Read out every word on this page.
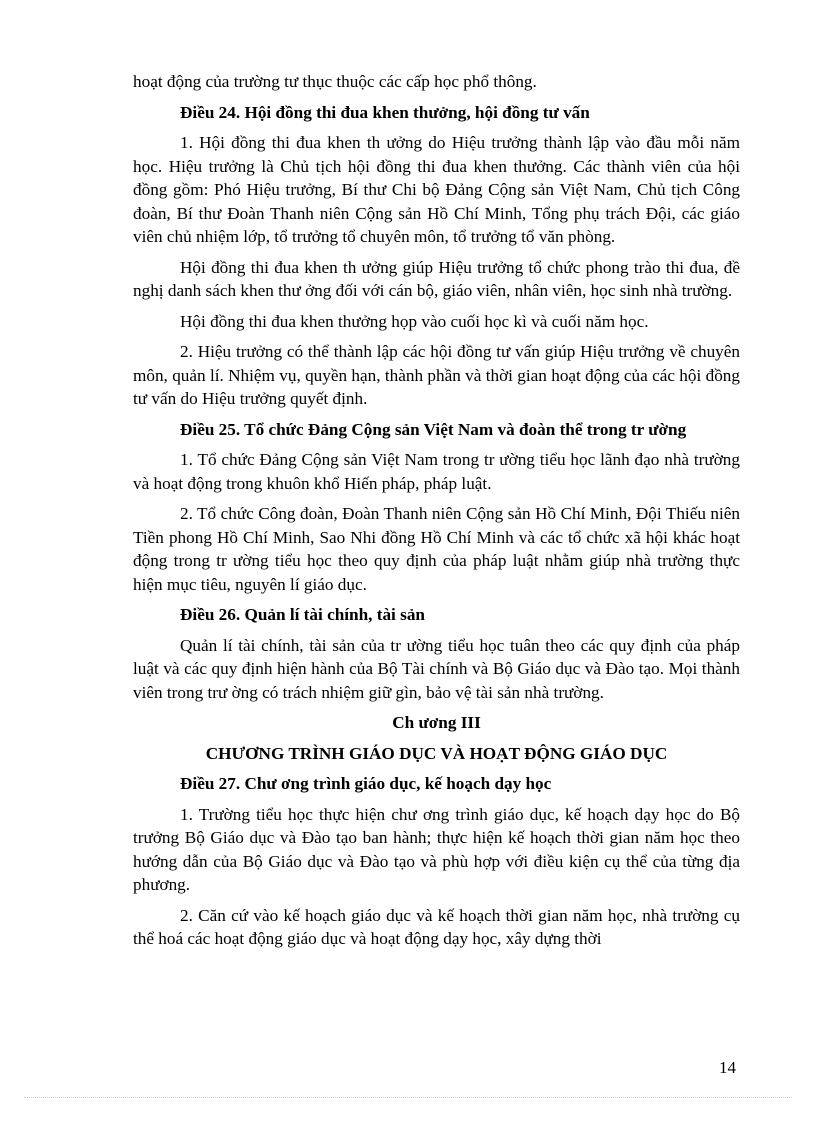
hoạt động của trường tư thục thuộc các cấp học phổ thông.

Điều 24. Hội đồng thi đua khen thưởng, hội đồng tư vấn

1. Hội đồng thi đua khen th ưởng do Hiệu trưởng thành lập vào đầu mỗi năm học. Hiệu trưởng là Chủ tịch hội đồng thi đua khen thưởng. Các thành viên của hội đồng gồm: Phó Hiệu trưởng, Bí thư Chi bộ Đảng Cộng sản Việt Nam, Chủ tịch Công đoàn, Bí thư Đoàn Thanh niên Cộng sản Hồ Chí Minh, Tổng phụ trách Đội, các giáo viên chủ nhiệm lớp, tổ trưởng tổ chuyên môn, tổ trưởng tổ văn phòng.

Hội đồng thi đua khen th ưởng giúp Hiệu trưởng tổ chức phong trào thi đua, đề nghị danh sách khen thư ởng đối với cán bộ, giáo viên, nhân viên, học sinh nhà trường.

Hội đồng thi đua khen thưởng họp vào cuối học kì và cuối năm học.

2. Hiệu trưởng có thể thành lập các hội đồng tư vấn giúp Hiệu trưởng về chuyên môn, quản lí. Nhiệm vụ, quyền hạn, thành phần và thời gian hoạt động của các hội đồng tư vấn do Hiệu trưởng quyết định.

Điều 25. Tổ chức Đảng Cộng sản Việt Nam và đoàn thể trong tr ường

1. Tổ chức Đảng Cộng sản Việt Nam trong tr ường tiểu học lãnh đạo nhà trường và hoạt động trong khuôn khổ Hiến pháp, pháp luật.

2. Tổ chức Công đoàn, Đoàn Thanh niên Cộng sản Hồ Chí Minh, Đội Thiếu niên Tiền phong Hồ Chí Minh, Sao Nhi đồng Hồ Chí Minh và các tổ chức xã hội khác hoạt động trong tr ường tiểu học theo quy định của pháp luật nhằm giúp nhà trường thực hiện mục tiêu, nguyên lí giáo dục.

Điều 26. Quản lí tài chính, tài sản

Quản lí tài chính, tài sản của tr ường tiểu học tuân theo các quy định của pháp luật và các quy định hiện hành của Bộ Tài chính và Bộ Giáo dục và Đào tạo. Mọi thành viên trong trư ờng có trách nhiệm giữ gìn, bảo vệ tài sản nhà trường.

Ch ương III

CHƯƠNG TRÌNH GIÁO DỤC VÀ HOẠT ĐỘNG GIÁO DỤC

Điều 27. Chư ơng trình giáo dục, kế hoạch dạy học

1. Trường tiểu học thực hiện chư ơng trình giáo dục, kế hoạch dạy học do Bộ trưởng Bộ Giáo dục và Đào tạo ban hành; thực hiện kế hoạch thời gian năm học theo hướng dẫn của Bộ Giáo dục và Đào tạo và phù hợp với điều kiện cụ thể của từng địa phương.

2. Căn cứ vào kế hoạch giáo dục và kế hoạch thời gian năm học, nhà trường cụ thể hoá các hoạt động giáo dục và hoạt động dạy học, xây dựng thời

14
